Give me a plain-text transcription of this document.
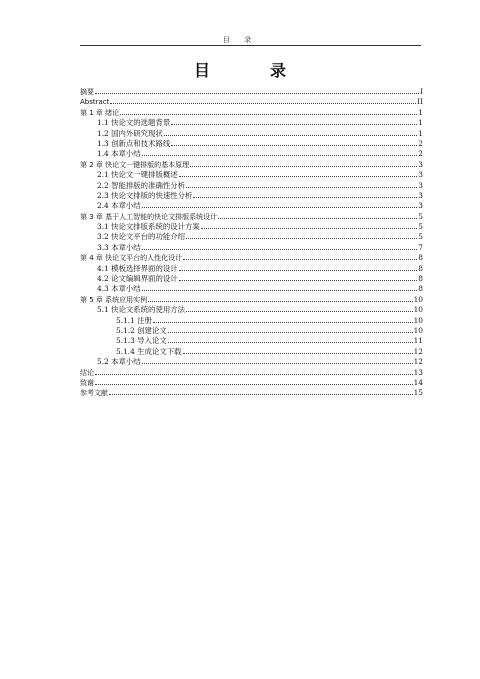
目 录
目　录
摘要	I
Abstract	II
第 1 章 绪论	1
1.1 快论文的选题背景	1
1.2 国内外研究现状	1
1.3 创新点和技术路线	2
1.4 本章小结	2
第 2 章 快论文一键排版的基本原理	3
2.1 快论文一键排版概述	3
2.2 智能排版的准确性分析	3
2.3 快论文排版的快速性分析	3
2.4 本章小结	3
第 3 章 基于人工智能的快论文排版系统设计	5
3.1 快论文排版系统的设计方案	5
3.2 快论文平台的功能介绍	5
3.3 本章小结	7
第 4 章 快论文平台的人性化设计	8
4.1 模板选择界面的设计	8
4.2 论文编辑界面的设计	8
4.3 本章小结	8
第 5 章 系统应用实例	10
5.1 快论文系统的使用方法	10
5.1.1 注册	10
5.1.2 创建论文	10
5.1.3 导入论文	11
5.1.4 生成论文下载	12
5.2 本章小结	12
结论	13
致谢	14
参考文献	15
